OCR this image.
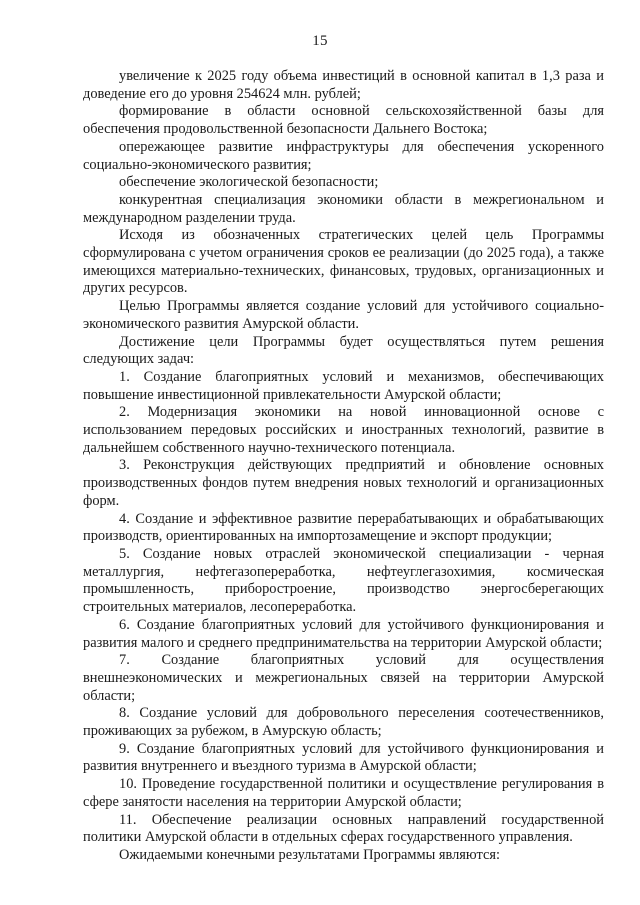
15

увеличение к 2025 году объема инвестиций в основной капитал в 1,3 раза и доведение его до уровня 254624 млн. рублей;

формирование в области основной сельскохозяйственной базы для обеспечения продовольственной безопасности Дальнего Востока;

опережающее развитие инфраструктуры для обеспечения ускоренного социально-экономического развития;

обеспечение экологической безопасности;

конкурентная специализация экономики области в межрегиональном и международном разделении труда.

Исходя из обозначенных стратегических целей цель Программы сформулирована с учетом ограничения сроков ее реализации (до 2025 года), а также имеющихся материально-технических, финансовых, трудовых, организационных и других ресурсов.

Целью Программы является создание условий для устойчивого социально-экономического развития Амурской области.

Достижение цели Программы будет осуществляться путем решения следующих задач:

1. Создание благоприятных условий и механизмов, обеспечивающих повышение инвестиционной привлекательности Амурской области;

2. Модернизация экономики на новой инновационной основе с использованием передовых российских и иностранных технологий, развитие в дальнейшем собственного научно-технического потенциала.

3. Реконструкция действующих предприятий и обновление основных производственных фондов путем внедрения новых технологий и организационных форм.

4. Создание и эффективное развитие перерабатывающих и обрабатывающих производств, ориентированных на импортозамещение и экспорт продукции;

5. Создание новых отраслей экономической специализации - черная металлургия, нефтегазопереработка, нефтеуглегазохимия, космическая промышленность, приборостроение, производство энергосберегающих строительных материалов, лесопереработка.

6. Создание благоприятных условий для устойчивого функционирования и развития малого и среднего предпринимательства на территории Амурской области;

7. Создание благоприятных условий для осуществления внешнеэкономических и межрегиональных связей на территории Амурской области;

8. Создание условий для добровольного переселения соотечественников, проживающих за рубежом, в Амурскую область;

9. Создание благоприятных условий для устойчивого функционирования и развития внутреннего и въездного туризма в Амурской области;

10. Проведение государственной политики и осуществление регулирования в сфере занятости населения на территории Амурской области;

11. Обеспечение реализации основных направлений государственной политики Амурской области в отдельных сферах государственного управления.

Ожидаемыми конечными результатами Программы являются:
